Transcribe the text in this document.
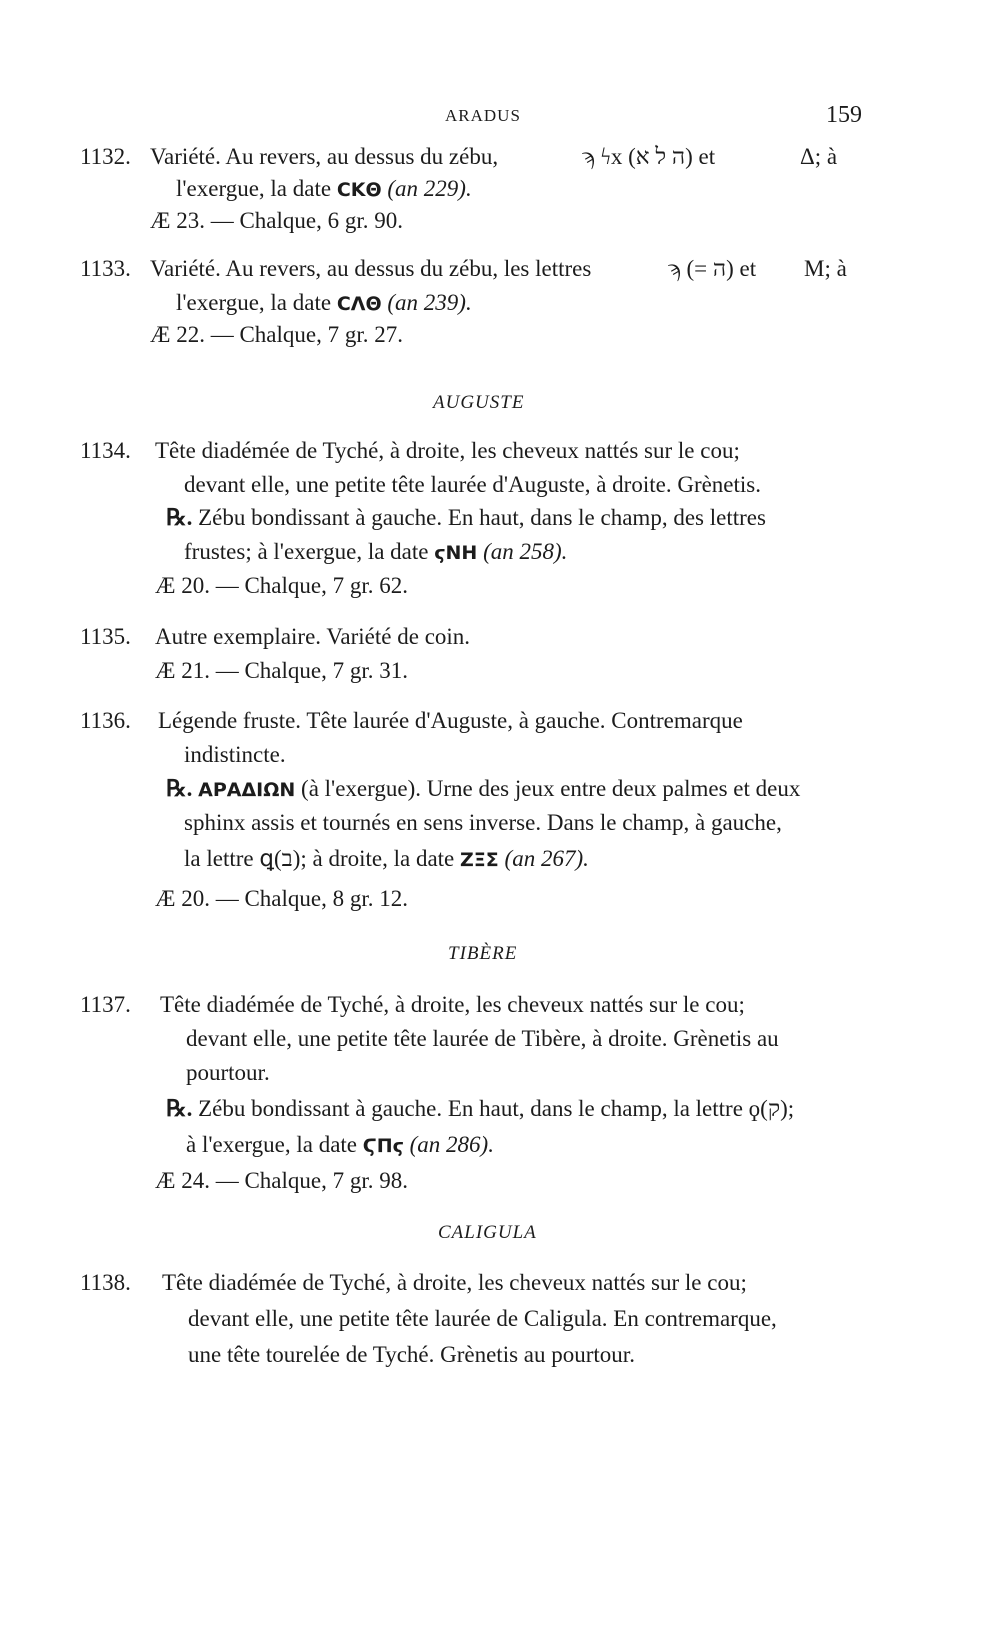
ARADUS	159
1132. Variété. Au revers, au dessus du zébu,	ϡ ϟx (ה ל א) et	Δ; à
l'exergue, la date CKΘ (an 229).
Æ 23. — Chalque, 6 gr. 90.
1133. Variété. Au revers, au dessus du zébu, les lettres	ϡ (= ה) et M; à
l'exergue, la date CΛΘ (an 239).
Æ 22. — Chalque, 7 gr. 27.
AUGUSTE
1134. Tête diadémée de Tyché, à droite, les cheveux nattés sur le cou;
devant elle, une petite tête laurée d'Auguste, à droite. Grènetis.
℞. Zébu bondissant à gauche. En haut, dans le champ, des lettres
frustes; à l'exergue, la date ϛNH (an 258).
Æ 20. — Chalque, 7 gr. 62.
1135. Autre exemplaire. Variété de coin.
Æ 21. — Chalque, 7 gr. 31.
1136. Légende fruste. Tête laurée d'Auguste, à gauche. Contremarque
indistincte.
℞. ΑΡΑΔΙΩΝ (à l'exergue). Urne des jeux entre deux palmes et deux
sphinx assis et tournés en sens inverse. Dans le champ, à gauche,
la lettre ꝗ(ב); à droite, la date ΖΞΣ (an 267).
Æ 20. — Chalque, 8 gr. 12.
TIBÈRE
1137. Tête diadémée de Tyché, à droite, les cheveux nattés sur le cou;
devant elle, une petite tête laurée de Tibère, à droite. Grènetis au
pourtour.
℞. Zébu bondissant à gauche. En haut, dans le champ, la lettre ϙ(ק);
à l'exergue, la date ϚΠϛ (an 286).
Æ 24. — Chalque, 7 gr. 98.
CALIGULA
1138. Tête diadémée de Tyché, à droite, les cheveux nattés sur le cou;
devant elle, une petite tête laurée de Caligula. En contremarque,
une tête tourelée de Tyché. Grènetis au pourtour.
